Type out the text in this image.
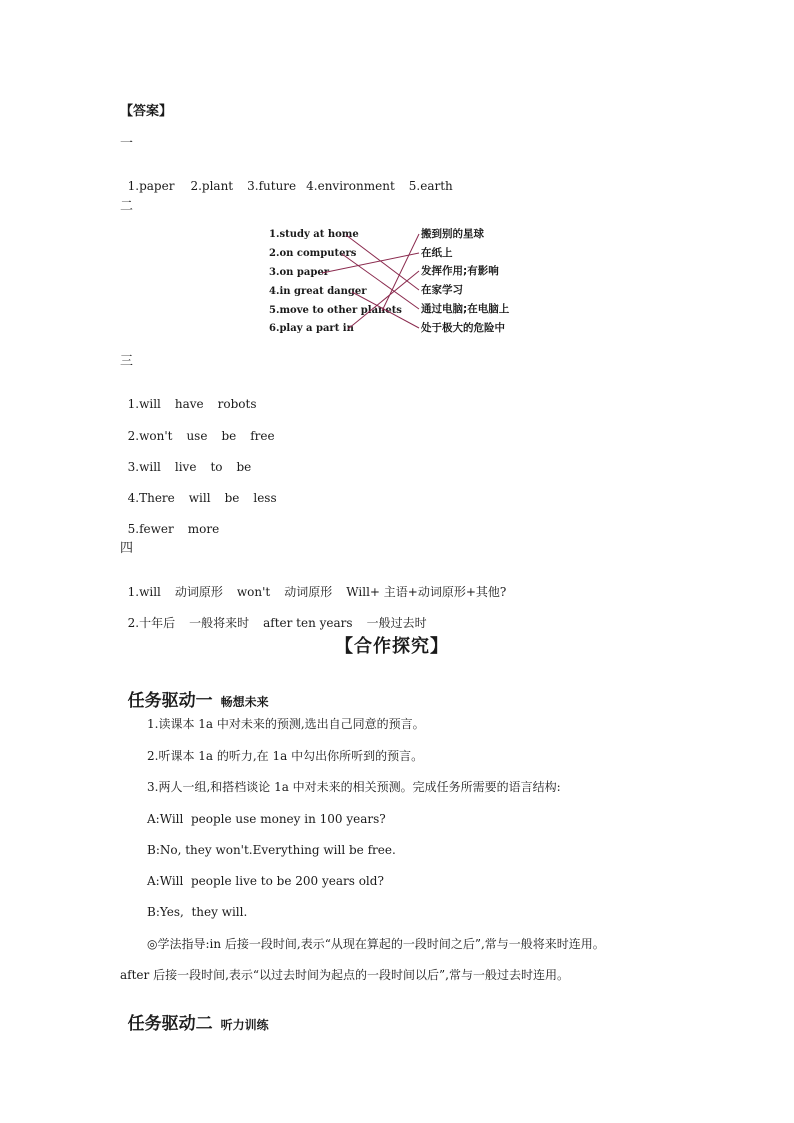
【答案】
一

1.paper 2.plant 3.future 4.environment 5.earth

二
1.study at home
2.on computers
3.on paper
4.in great danger
5.move to other planets
6.play a part in
搬到别的星球
在纸上
发挥作用;有影响
在家学习
通过电脑;在电脑上
处于极大的危险中
三

1.will have robots

2.won't use be free

3.will live to be

4.There will be less

5.fewer more

四

1.will 动词原形 won't 动词原形 Will+ 主语+动词原形+其他?

2.十年后 一般将来时 after ten years 一般过去时

【合作探究】

任务驱动一 畅想未来

1.读课本 1a 中对未来的预测,选出自己同意的预言。
2.听课本 1a 的听力,在 1a 中勾出你所听到的预言。
3.两人一组,和搭档谈论 1a 中对未来的相关预测。完成任务所需要的语言结构:
A:Will  people use money in 100 years?
B:No, they won't.Everything will be free.
A:Will  people live to be 200 years old?
B:Yes,  they will.
◎学法指导:in 后接一段时间,表示“从现在算起的一段时间之后”,常与一般将来时连用。
after 后接一段时间,表示“以过去时间为起点的一段时间以后”,常与一般过去时连用。

任务驱动二 听力训练
